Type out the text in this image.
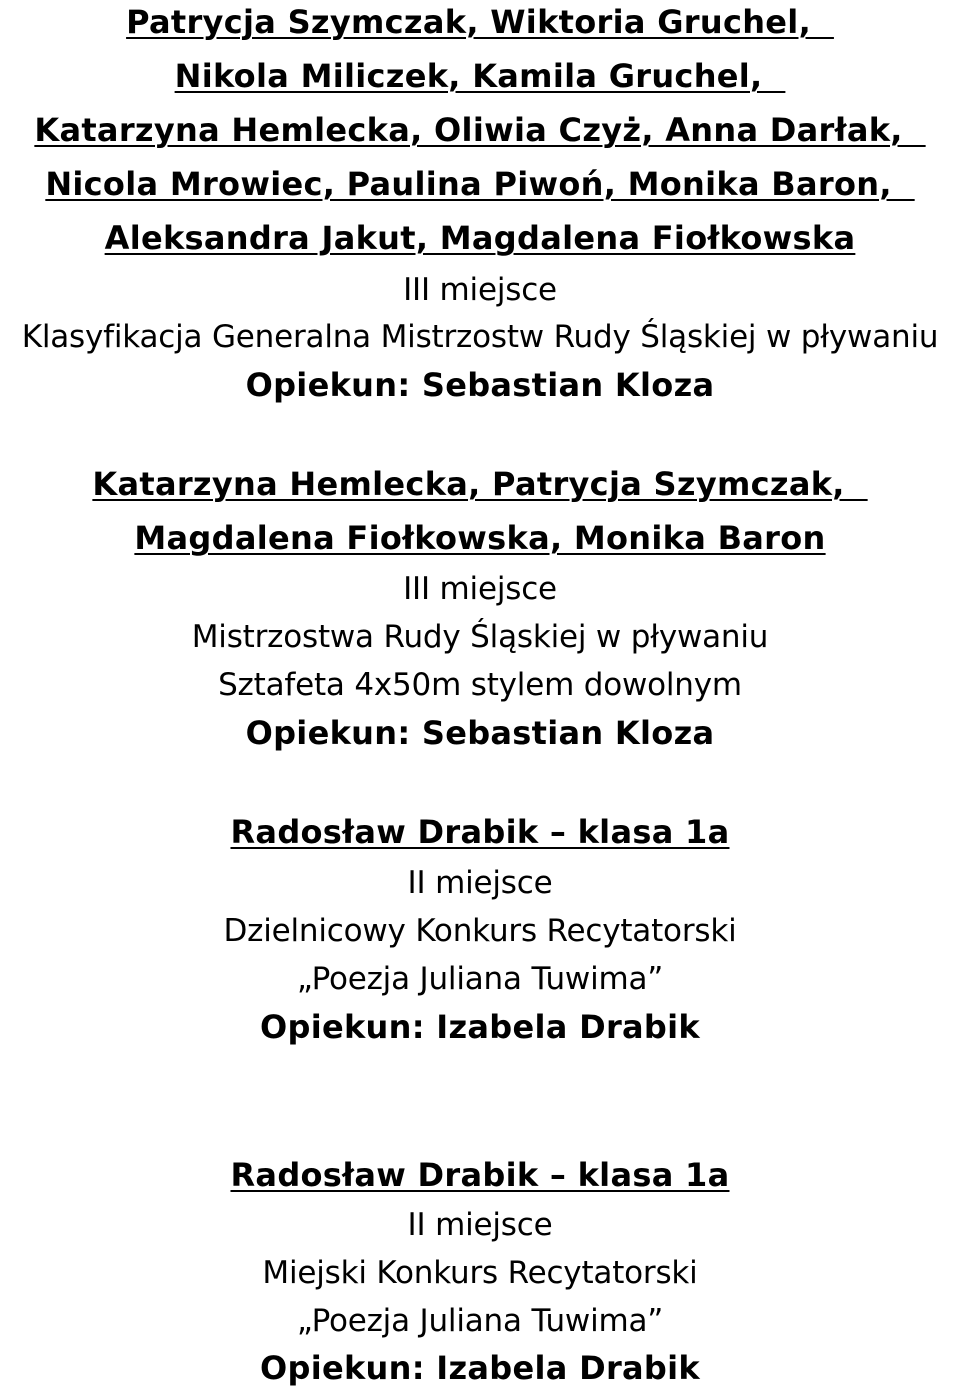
Patrycja Szymczak, Wiktoria Gruchel,
Nikola Miliczek, Kamila Gruchel,
Katarzyna Hemlecka, Oliwia Czyż, Anna Darłak,
Nicola Mrowiec, Paulina Piwoń, Monika Baron,
Aleksandra Jakut, Magdalena Fiołkowska
III miejsce
Klasyfikacja Generalna Mistrzostw Rudy Śląskiej w pływaniu
Opiekun: Sebastian Kloza
Katarzyna Hemlecka, Patrycja Szymczak,
Magdalena Fiołkowska, Monika Baron
III miejsce
Mistrzostwa Rudy Śląskiej w pływaniu
Sztafeta 4x50m stylem dowolnym
Opiekun: Sebastian Kloza
Radosław Drabik – klasa 1a
II miejsce
Dzielnicowy Konkurs Recytatorski
„Poezja Juliana Tuwima”
Opiekun: Izabela Drabik
Radosław Drabik – klasa 1a
II miejsce
Miejski Konkurs Recytatorski
„Poezja Juliana Tuwima”
Opiekun: Izabela Drabik
